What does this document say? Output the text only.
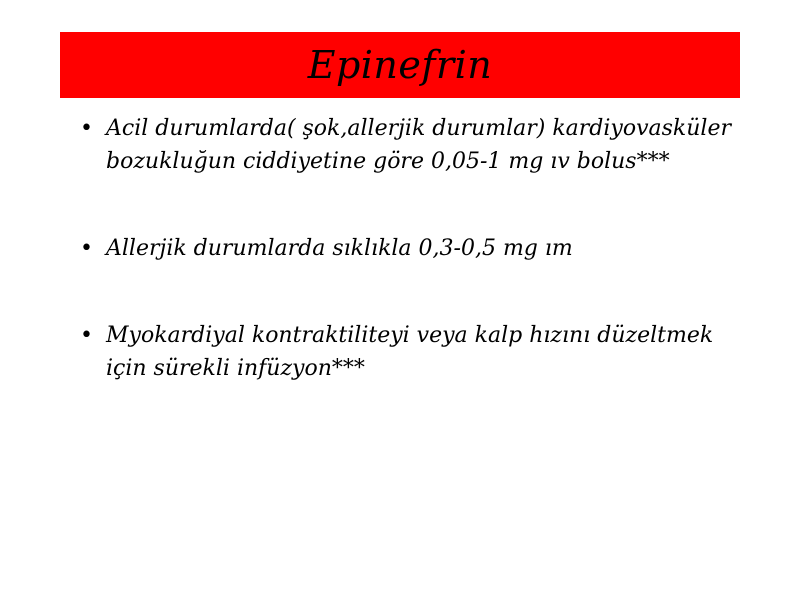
Epinefrin
• Acil durumlarda( şok,allerjik durumlar) kardiyovasküler bozukluğun ciddiyetine göre 0,05-1 mg ıv bolus***
• Allerjik durumlarda sıklıkla 0,3-0,5 mg ım
• Myokardiyal kontraktiliteyi veya kalp hızını düzeltmek için sürekli infüzyon***
